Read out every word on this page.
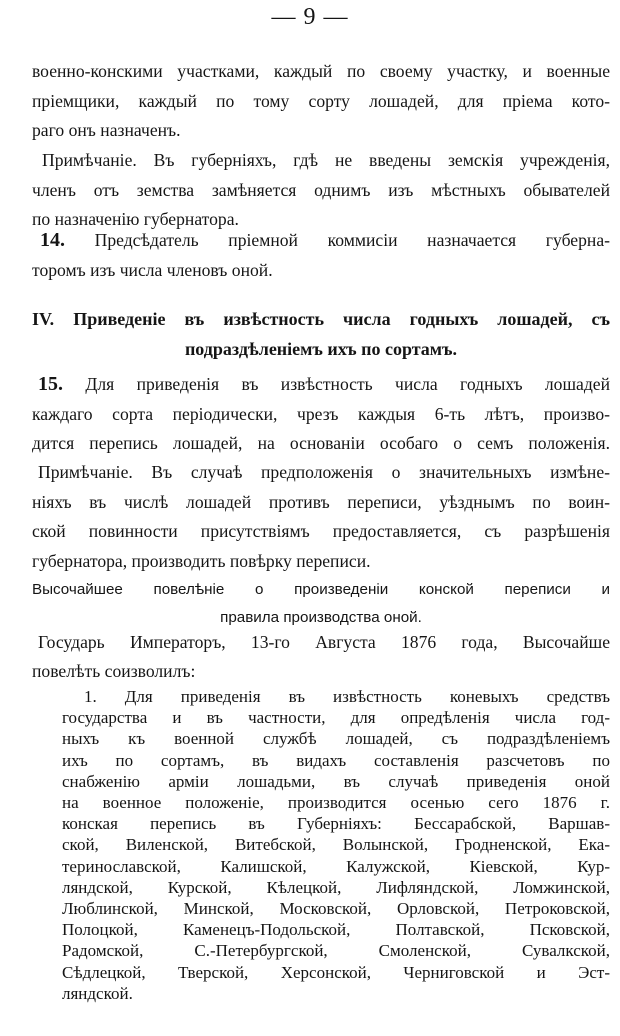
— 9 —
военно-конскими участками, каждый по своему участку, и военные
пріемщики, каждый по тому сорту лошадей, для пріема кото-
раго онъ назначенъ.
Примѣчаніе. Въ губерніяхъ, гдѣ не введены земскія учрежденія,
членъ отъ земства замѣняется однимъ изъ мѣстныхъ обывателей
по назначенію губернатора.
14. Предсѣдатель пріемной коммисіи назначается губерна-
торомъ изъ числа членовъ оной.
IV. Приведеніе въ извѣстность числа годныхъ лошадей, съ
подраздѣленіемъ ихъ по сортамъ.
15. Для приведенія въ извѣстность числа годныхъ лошадей
каждаго сорта періодически, чрезъ каждыя 6-ть лѣтъ, произво-
дится перепись лошадей, на основаніи особаго о семъ положенія.
Примѣчаніе. Въ случаѣ предположенія о значительныхъ измѣне-
ніяхъ въ числѣ лошадей противъ переписи, уѣзднымъ по воин-
ской повинности присутствіямъ предоставляется, съ разрѣшенія
губернатора, производить повѣрку переписи.
Высочайшее повелѣніе о произведеніи конской переписи и
правила производства оной.
Государь Императоръ, 13-го Августа 1876 года, Высочайше
повелѣть соизволилъ:
1. Для приведенія въ извѣстность коневыхъ средствъ
государства и въ частности, для опредѣленія числа год-
ныхъ къ военной службѣ лошадей, съ подраздѣленіемъ
ихъ по сортамъ, въ видахъ составленія разсчетовъ по
снабженію арміи лошадьми, въ случаѣ приведенія оной
на военное положеніе, производится осенью сего 1876 г.
конская перепись въ Губерніяхъ: Бессарабской, Варшав-
ской, Виленской, Витебской, Волынской, Гродненской, Ека-
теринославской, Калишской, Калужской, Кіевской, Кур-
ляндской, Курской, Кѣлецкой, Лифляндской, Ломжинской,
Люблинской, Минской, Московской, Орловской, Петроковской,
Полоцкой, Каменецъ-Подольской, Полтавской, Псковской,
Радомской, С.-Петербургской, Смоленской, Сувалкской,
Сѣдлецкой, Тверской, Херсонской, Черниговской и Эст-
ляндской.
